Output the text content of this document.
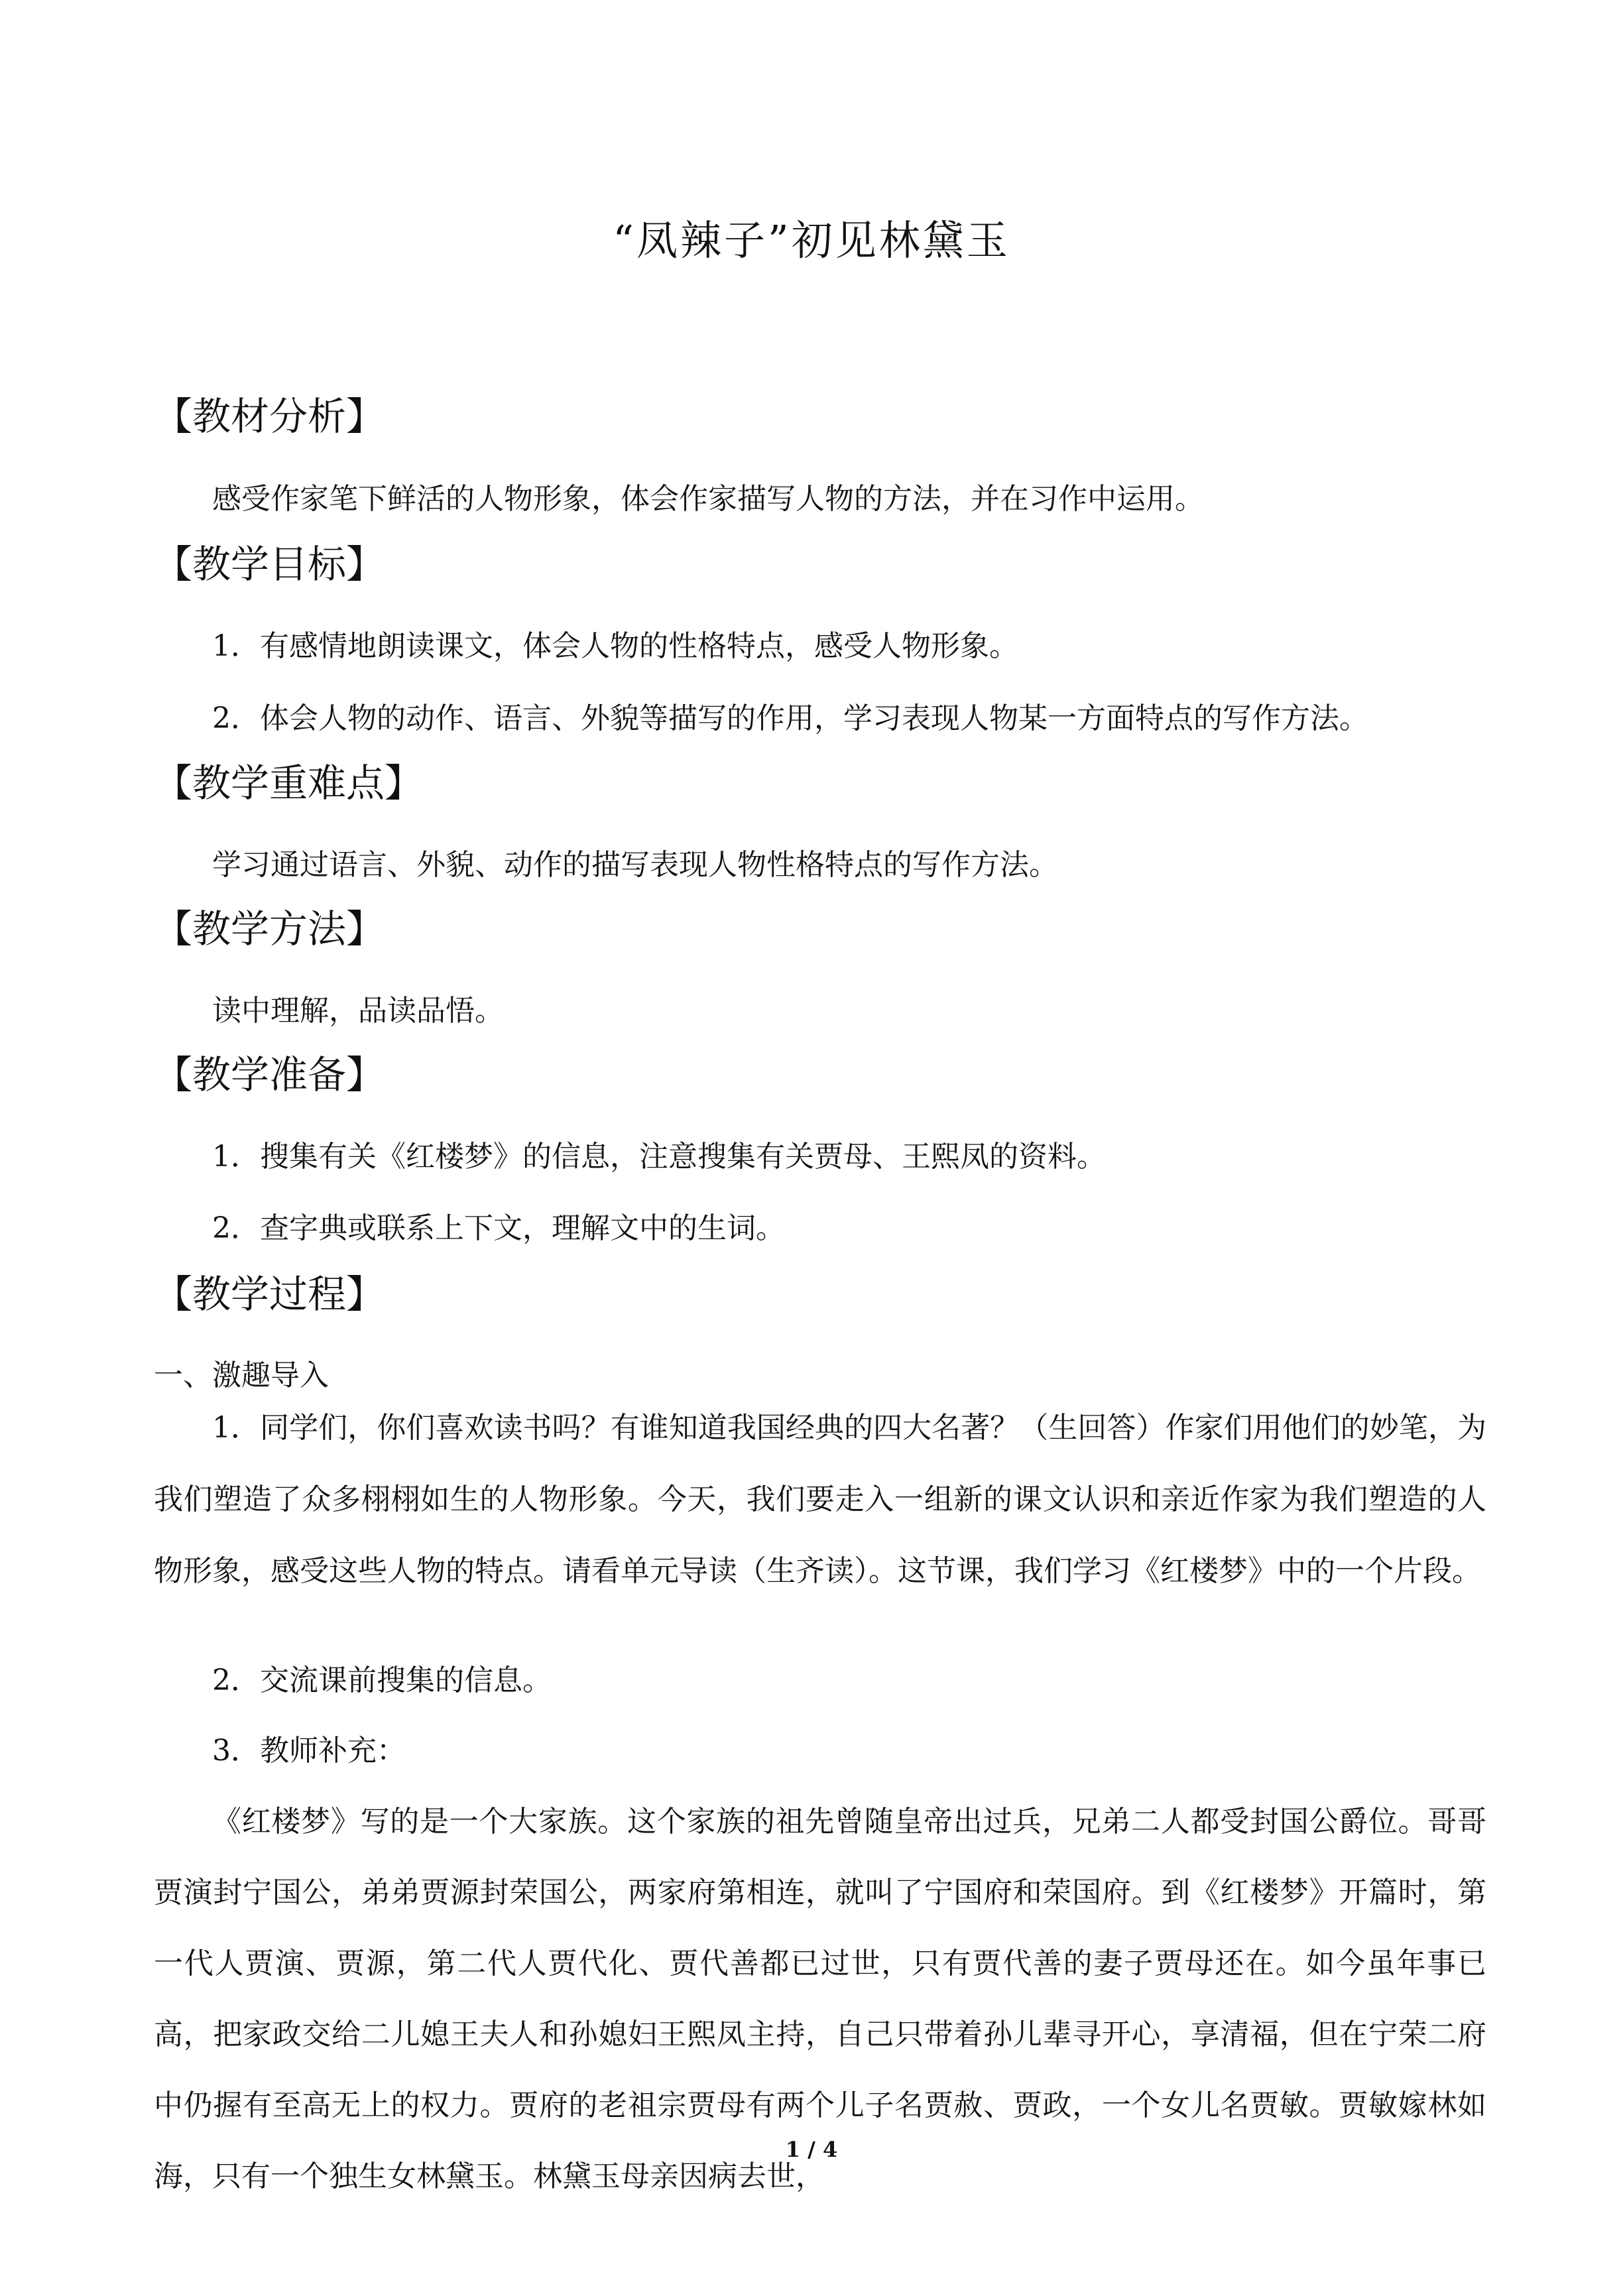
“凤辣子”初见林黛玉
【教材分析】
感受作家笔下鲜活的人物形象，体会作家描写人物的方法，并在习作中运用。
【教学目标】
1．有感情地朗读课文，体会人物的性格特点，感受人物形象。
2．体会人物的动作、语言、外貌等描写的作用，学习表现人物某一方面特点的写作方法。
【教学重难点】
学习通过语言、外貌、动作的描写表现人物性格特点的写作方法。
【教学方法】
读中理解，品读品悟。
【教学准备】
1．搜集有关《红楼梦》的信息，注意搜集有关贾母、王熙凤的资料。
2．查字典或联系上下文，理解文中的生词。
【教学过程】
一、激趣导入
1．同学们，你们喜欢读书吗？有谁知道我国经典的四大名著？（生回答）作家们用他们的妙笔，为我们塑造了众多栩栩如生的人物形象。今天，我们要走入一组新的课文认识和亲近作家为我们塑造的人物形象，感受这些人物的特点。请看单元导读（生齐读）。这节课，我们学习《红楼梦》中的一个片段。
2．交流课前搜集的信息。
3．教师补充：
《红楼梦》写的是一个大家族。这个家族的祖先曾随皇帝出过兵，兄弟二人都受封国公爵位。哥哥贾演封宁国公，弟弟贾源封荣国公，两家府第相连，就叫了宁国府和荣国府。到《红楼梦》开篇时，第一代人贾演、贾源，第二代人贾代化、贾代善都已过世，只有贾代善的妻子贾母还在。如今虽年事已高，把家政交给二儿媳王夫人和孙媳妇王熙凤主持，自己只带着孙儿辈寻开心，享清福，但在宁荣二府中仍握有至高无上的权力。贾府的老祖宗贾母有两个儿子名贾赦、贾政，一个女儿名贾敏。贾敏嫁林如海，只有一个独生女林黛玉。林黛玉母亲因病去世，
1 / 4
